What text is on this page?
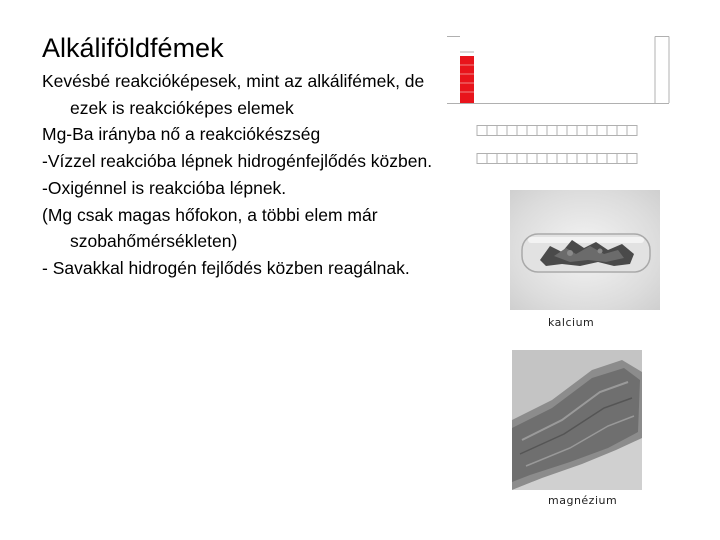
Alkáliföldfémek

Kevésbé reakcióképesek, mint az alkálifémek, de ezek is reakcióképes elemek

Mg-Ba irányba nő a reakciókészség

-Vízzel reakcióba lépnek hidrogénfejlődés közben.

-Oxigénnel is reakcióba lépnek.

(Mg csak magas hőfokon, a többi elem már szobahőmérsékleten)

- Savakkal hidrogén fejlődés közben reagálnak.

kalcium
magnézium
